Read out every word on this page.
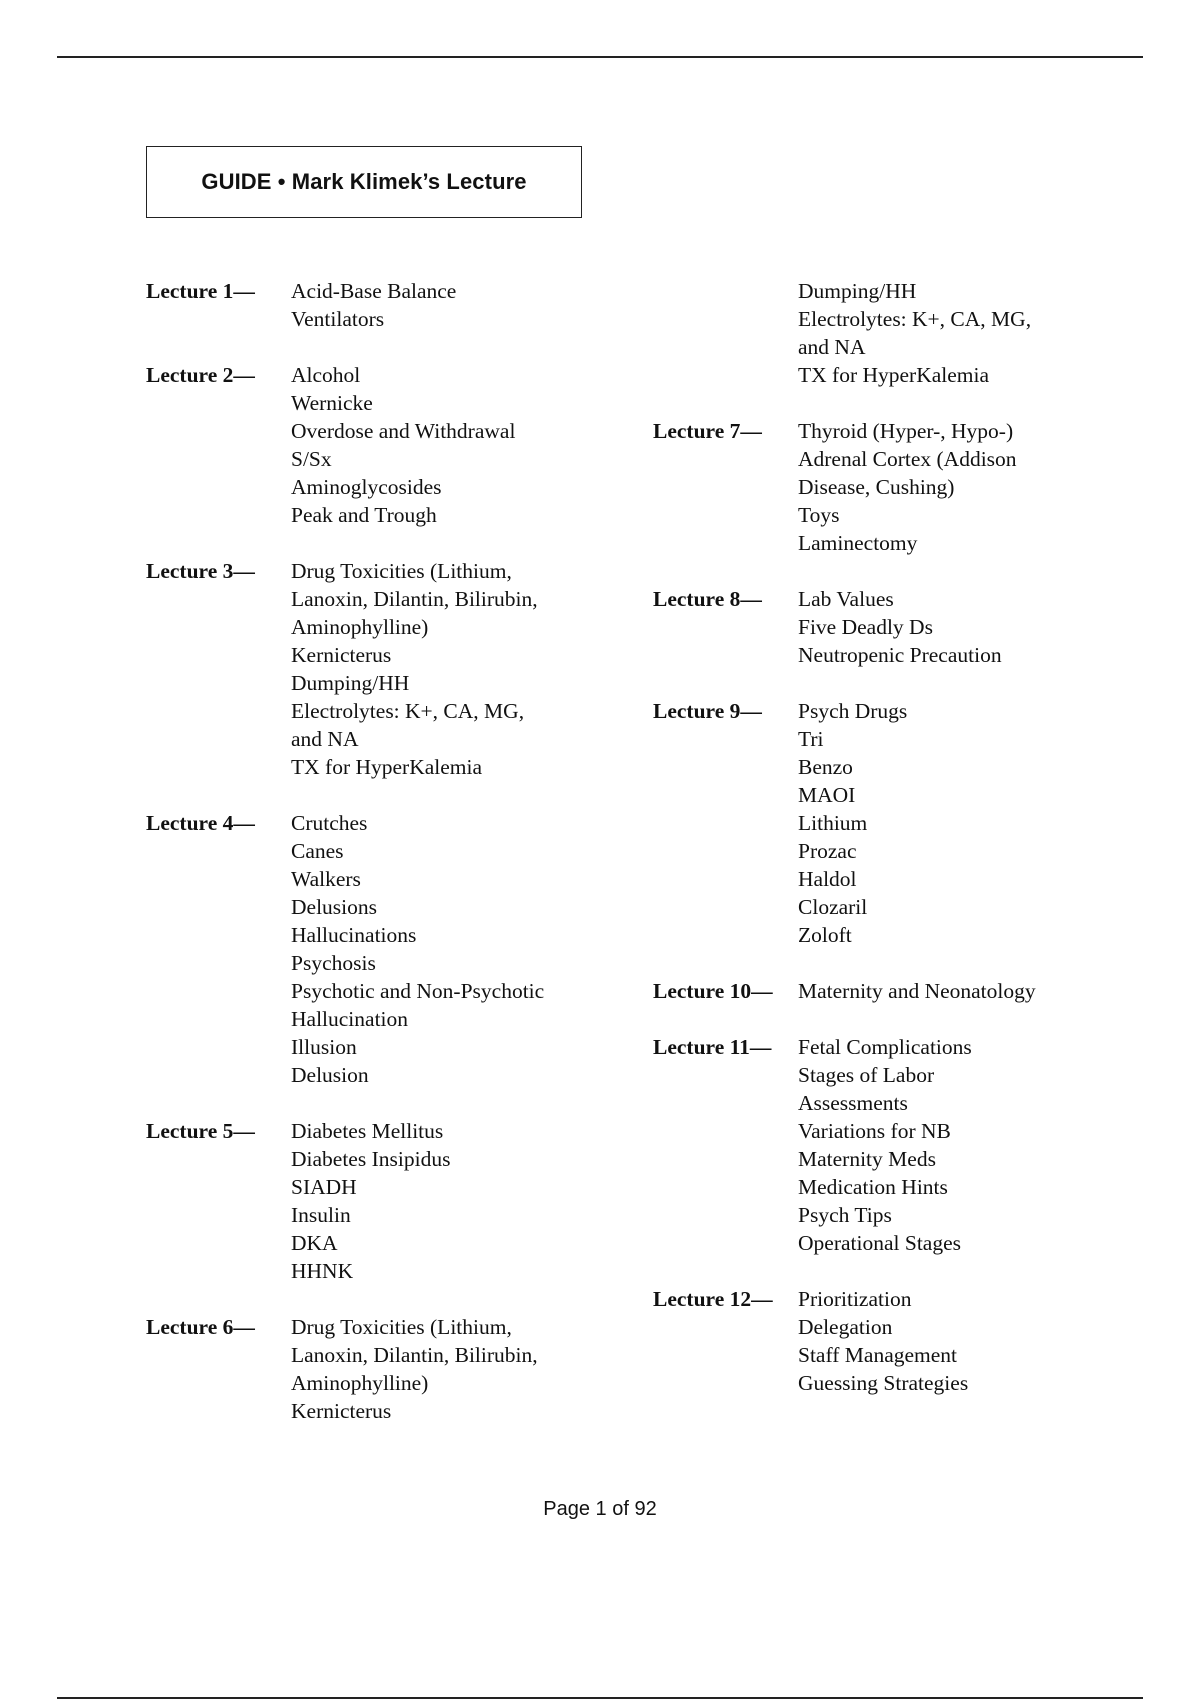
GUIDE • Mark Klimek’s Lecture
Lecture 1—	Acid-Base Balance
Ventilators
Lecture 2—	Alcohol
Wernicke
Overdose and Withdrawal
S/Sx
Aminoglycosides
Peak and Trough
Lecture 3—	Drug Toxicities (Lithium,
Lanoxin, Dilantin, Bilirubin,
Aminophylline)
Kernicterus
Dumping/HH
Electrolytes: K+, CA, MG,
and NA
TX for HyperKalemia
Lecture 4—	Crutches
Canes
Walkers
Delusions
Hallucinations
Psychosis
Psychotic and Non-Psychotic
Hallucination
Illusion
Delusion
Lecture 5—	Diabetes Mellitus
Diabetes Insipidus
SIADH
Insulin
DKA
HHNK
Lecture 6—	Drug Toxicities (Lithium,
Lanoxin, Dilantin, Bilirubin,
Aminophylline)
Kernicterus
Dumping/HH
Electrolytes: K+, CA, MG,
and NA
TX for HyperKalemia
Lecture 7—	Thyroid (Hyper-, Hypo-)
Adrenal Cortex (Addison
Disease, Cushing)
Toys
Laminectomy
Lecture 8—	Lab Values
Five Deadly Ds
Neutropenic Precaution
Lecture 9—	Psych Drugs
Tri
Benzo
MAOI
Lithium
Prozac
Haldol
Clozaril
Zoloft
Lecture 10—	Maternity and Neonatology
Lecture 11—	Fetal Complications
Stages of Labor
Assessments
Variations for NB
Maternity Meds
Medication Hints
Psych Tips
Operational Stages
Lecture 12—	Prioritization
Delegation
Staff Management
Guessing Strategies
Page 1 of 92
